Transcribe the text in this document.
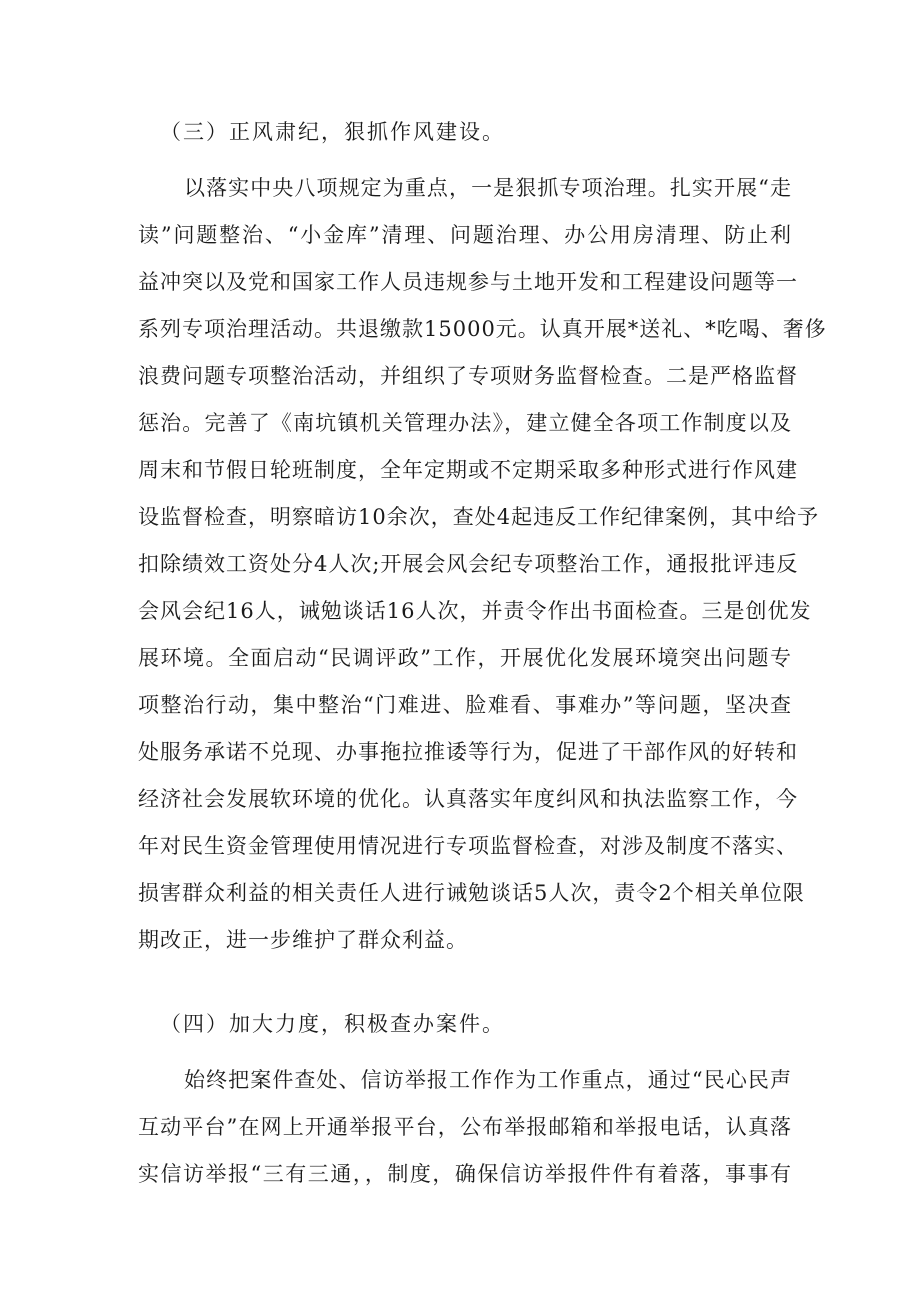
（三）正风肃纪，狠抓作风建设。
以落实中央八项规定为重点，一是狠抓专项治理。扎实开展“走
读”问题整治、“小金库”清理、问题治理、办公用房清理、防止利
益冲突以及党和国家工作人员违规参与土地开发和工程建设问题等一
系列专项治理活动。共退缴款15000元。认真开展*送礼、*吃喝、奢侈
浪费问题专项整治活动，并组织了专项财务监督检查。二是严格监督
惩治。完善了《南坑镇机关管理办法》，建立健全各项工作制度以及
周末和节假日轮班制度，全年定期或不定期采取多种形式进行作风建
设监督检查，明察暗访10余次，查处4起违反工作纪律案例，其中给予
扣除绩效工资处分4人次;开展会风会纪专项整治工作，通报批评违反
会风会纪16人，诫勉谈话16人次，并责令作出书面检查。三是创优发
展环境。全面启动“民调评政”工作，开展优化发展环境突出问题专
项整治行动，集中整治“门难进、脸难看、事难办”等问题，坚决查
处服务承诺不兑现、办事拖拉推诿等行为，促进了干部作风的好转和
经济社会发展软环境的优化。认真落实年度纠风和执法监察工作，今
年对民生资金管理使用情况进行专项监督检查，对涉及制度不落实、
损害群众利益的相关责任人进行诫勉谈话5人次，责令2个相关单位限
期改正，进一步维护了群众利益。
（四）加大力度，积极查办案件。
始终把案件查处、信访举报工作作为工作重点，通过“民心民声
互动平台”在网上开通举报平台，公布举报邮箱和举报电话，认真落
实信访举报“三有三通，，制度，确保信访举报件件有着落，事事有
